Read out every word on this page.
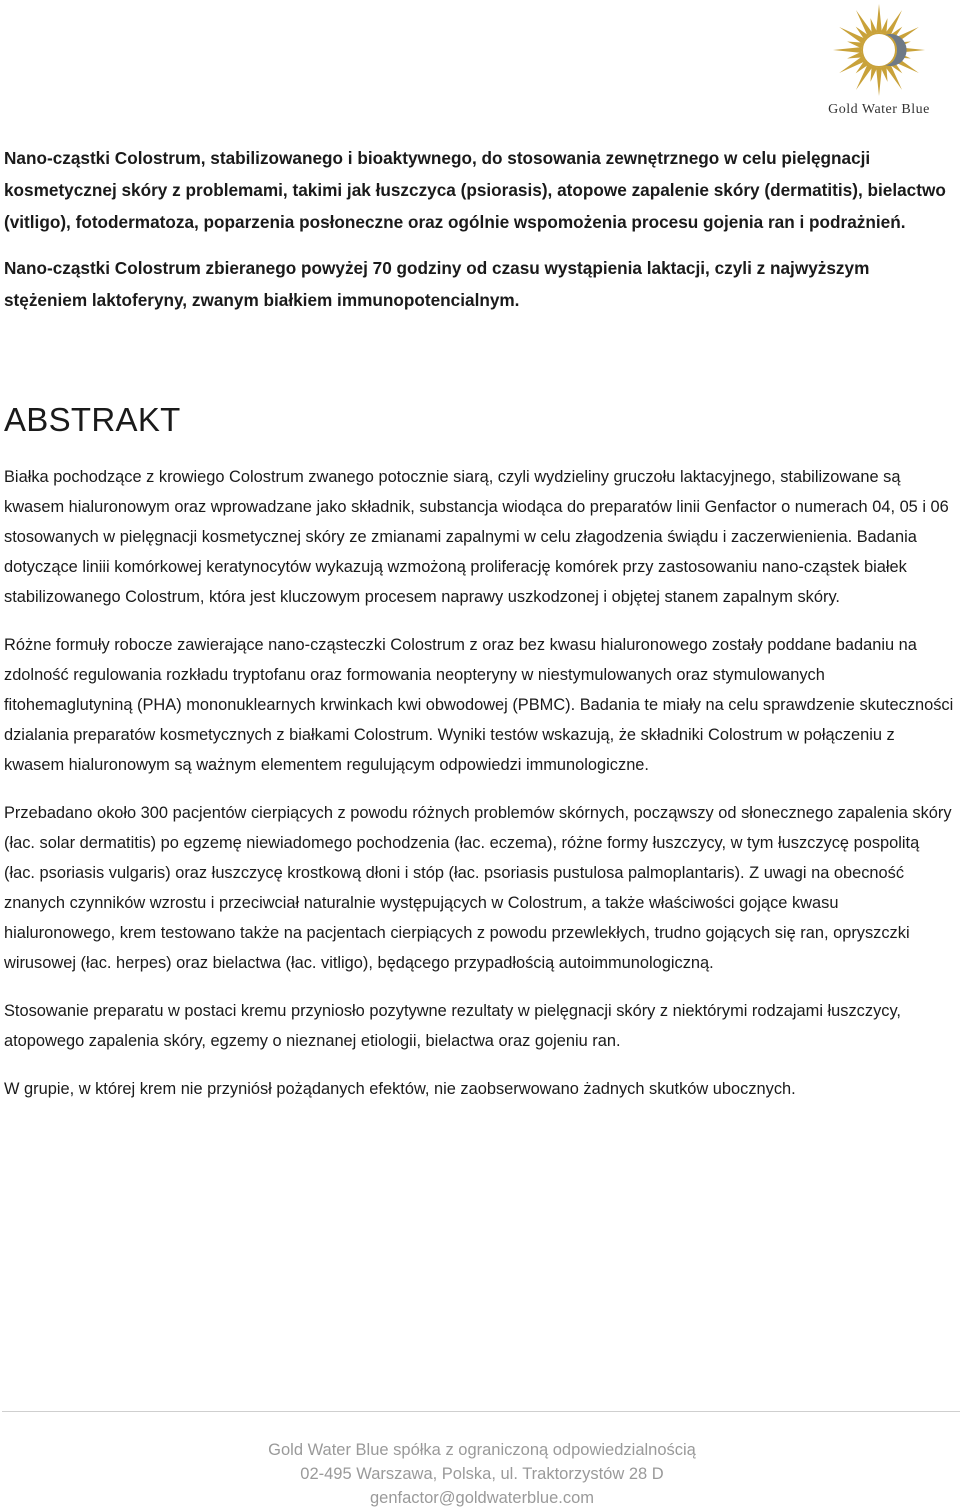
Gold Water Blue

Nano-cząstki Colostrum, stabilizowanego i bioaktywnego, do stosowania zewnętrznego w celu pielęgnacji kosmetycznej skóry z problemami, takimi jak łuszczyca (psiorasis), atopowe zapalenie skóry (dermatitis), bielactwo (vitligo), fotodermatoza, poparzenia posłoneczne oraz ogólnie wspomożenia procesu gojenia ran i podrażnień.

Nano-cząstki Colostrum zbieranego powyżej 70 godziny od czasu wystąpienia laktacji, czyli z najwyższym stężeniem laktoferyny, zwanym białkiem immunopotencialnym.

ABSTRAKT

Białka pochodzące z krowiego Colostrum zwanego potocznie siarą, czyli wydzieliny gruczołu laktacyjnego, stabilizowane są kwasem hialuronowym oraz wprowadzane jako składnik, substancja wiodąca do preparatów linii Genfactor o numerach 04, 05 i 06 stosowanych w pielęgnacji kosmetycznej skóry ze zmianami zapalnymi w celu złagodzenia świądu i zaczerwienienia. Badania dotyczące liniii komórkowej keratynocytów wykazują wzmożoną proliferację komórek przy zastosowaniu nano-cząstek białek stabilizowanego Colostrum, która jest kluczowym procesem naprawy uszkodzonej i objętej stanem zapalnym skóry.

Różne formuły robocze zawierające nano-cząsteczki Colostrum z oraz bez kwasu hialuronowego zostały poddane badaniu na zdolność regulowania rozkładu tryptofanu oraz formowania neopteryny w niestymulowanych oraz stymulowanych fitohemaglutyniną (PHA) mononuklearnych krwinkach kwi obwodowej (PBMC). Badania te miały na celu sprawdzenie skuteczności dzialania preparatów kosmetycznych z białkami Colostrum. Wyniki testów wskazują, że składniki Colostrum w połączeniu z kwasem hialuronowym są ważnym elementem regulującym odpowiedzi immunologiczne.

Przebadano około 300 pacjentów cierpiących z powodu różnych problemów skórnych, począwszy od słonecznego zapalenia skóry (łac. solar dermatitis) po egzemę niewiadomego pochodzenia (łac. eczema), różne formy łuszczycy, w tym łuszczycę pospolitą (łac. psoriasis vulgaris) oraz łuszczycę krostkową dłoni i stóp (łac. psoriasis pustulosa palmoplantaris). Z uwagi na obecność znanych czynników wzrostu i przeciwciał naturalnie występujących w Colostrum, a także właściwości gojące kwasu hialuronowego, krem testowano także na pacjentach cierpiących z powodu przewlekłych, trudno gojących się ran, opryszczki wirusowej (łac. herpes) oraz bielactwa (łac. vitligo), będącego przypadłością autoimmunologiczną.

Stosowanie preparatu w postaci kremu przyniosło pozytywne rezultaty w pielęgnacji skóry z niektórymi rodzajami łuszczycy, atopowego zapalenia skóry, egzemy o nieznanej etiologii, bielactwa oraz gojeniu ran.

W grupie, w której krem nie przyniósł pożądanych efektów, nie zaobserwowano żadnych skutków ubocznych.

Gold Water Blue spółka z ograniczoną odpowiedzialnością
02-495 Warszawa, Polska, ul. Traktorzystów 28 D
genfactor@goldwaterblue.com
